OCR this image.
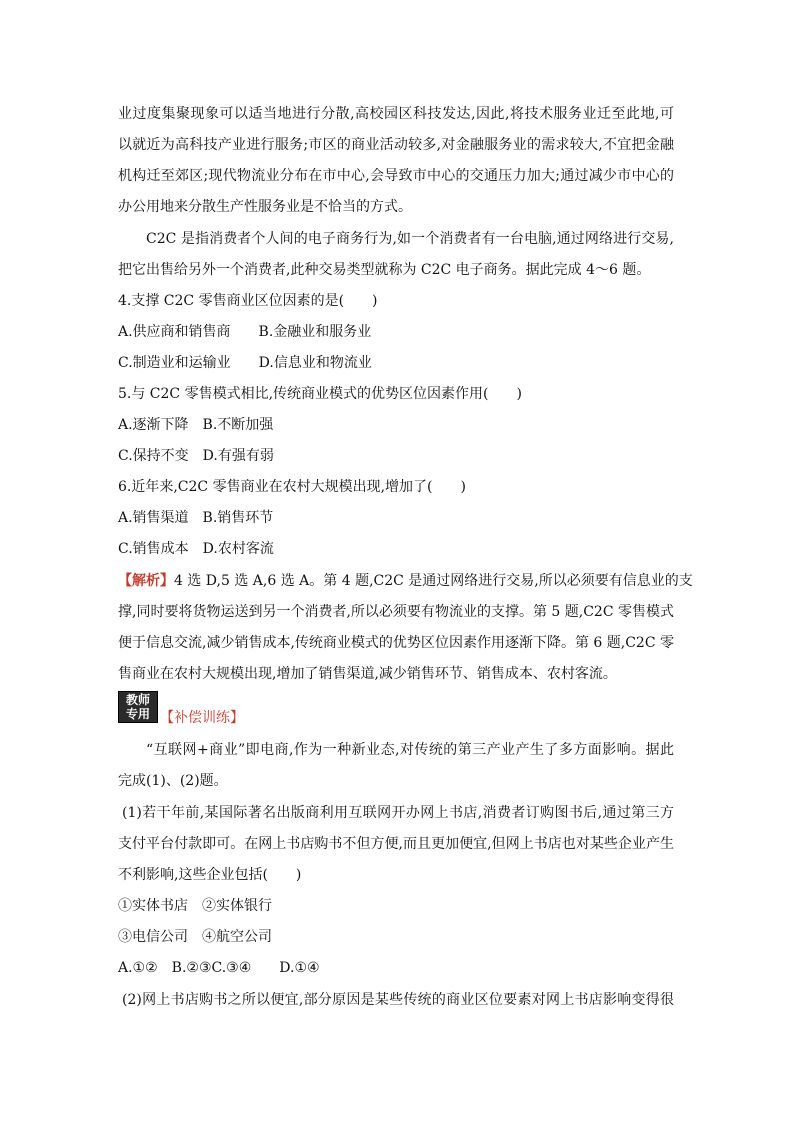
业过度集聚现象可以适当地进行分散,高校园区科技发达,因此,将技术服务业迁至此地,可
以就近为高科技产业进行服务;市区的商业活动较多,对金融服务业的需求较大,不宜把金融
机构迁至郊区;现代物流业分布在市中心,会导致市中心的交通压力加大;通过减少市中心的
办公用地来分散生产性服务业是不恰当的方式。
C2C 是指消费者个人间的电子商务行为,如一个消费者有一台电脑,通过网络进行交易,
把它出售给另外一个消费者,此种交易类型就称为 C2C 电子商务。据此完成 4～6 题。
4.支撑 C2C 零售商业区位因素的是(　　)
A.供应商和销售商　　B.金融业和服务业
C.制造业和运输业　　D.信息业和物流业
5.与 C2C 零售模式相比,传统商业模式的优势区位因素作用(　　)
A.逐渐下降　B.不断加强
C.保持不变　D.有强有弱
6.近年来,C2C 零售商业在农村大规模出现,增加了(　　)
A.销售渠道　B.销售环节
C.销售成本　D.农村客流
【解析】4 选 D,5 选 A,6 选 A。第 4 题,C2C 是通过网络进行交易,所以必须要有信息业的支
撑,同时要将货物运送到另一个消费者,所以必须要有物流业的支撑。第 5 题,C2C 零售模式
便于信息交流,减少销售成本,传统商业模式的优势区位因素作用逐渐下降。第 6 题,C2C 零
售商业在农村大规模出现,增加了销售渠道,减少销售环节、销售成本、农村客流。
教师
专用 【补偿训练】
“互联网+商业”即电商,作为一种新业态,对传统的第三产业产生了多方面影响。据此
完成(1)、(2)题。
(1)若干年前,某国际著名出版商利用互联网开办网上书店,消费者订购图书后,通过第三方
支付平台付款即可。在网上书店购书不但方便,而且更加便宜,但网上书店也对某些企业产生
不利影响,这些企业包括(　　)
①实体书店　②实体银行
③电信公司　④航空公司
A.①②　B.②③C.③④　　D.①④
(2)网上书店购书之所以便宜,部分原因是某些传统的商业区位要素对网上书店影响变得很
